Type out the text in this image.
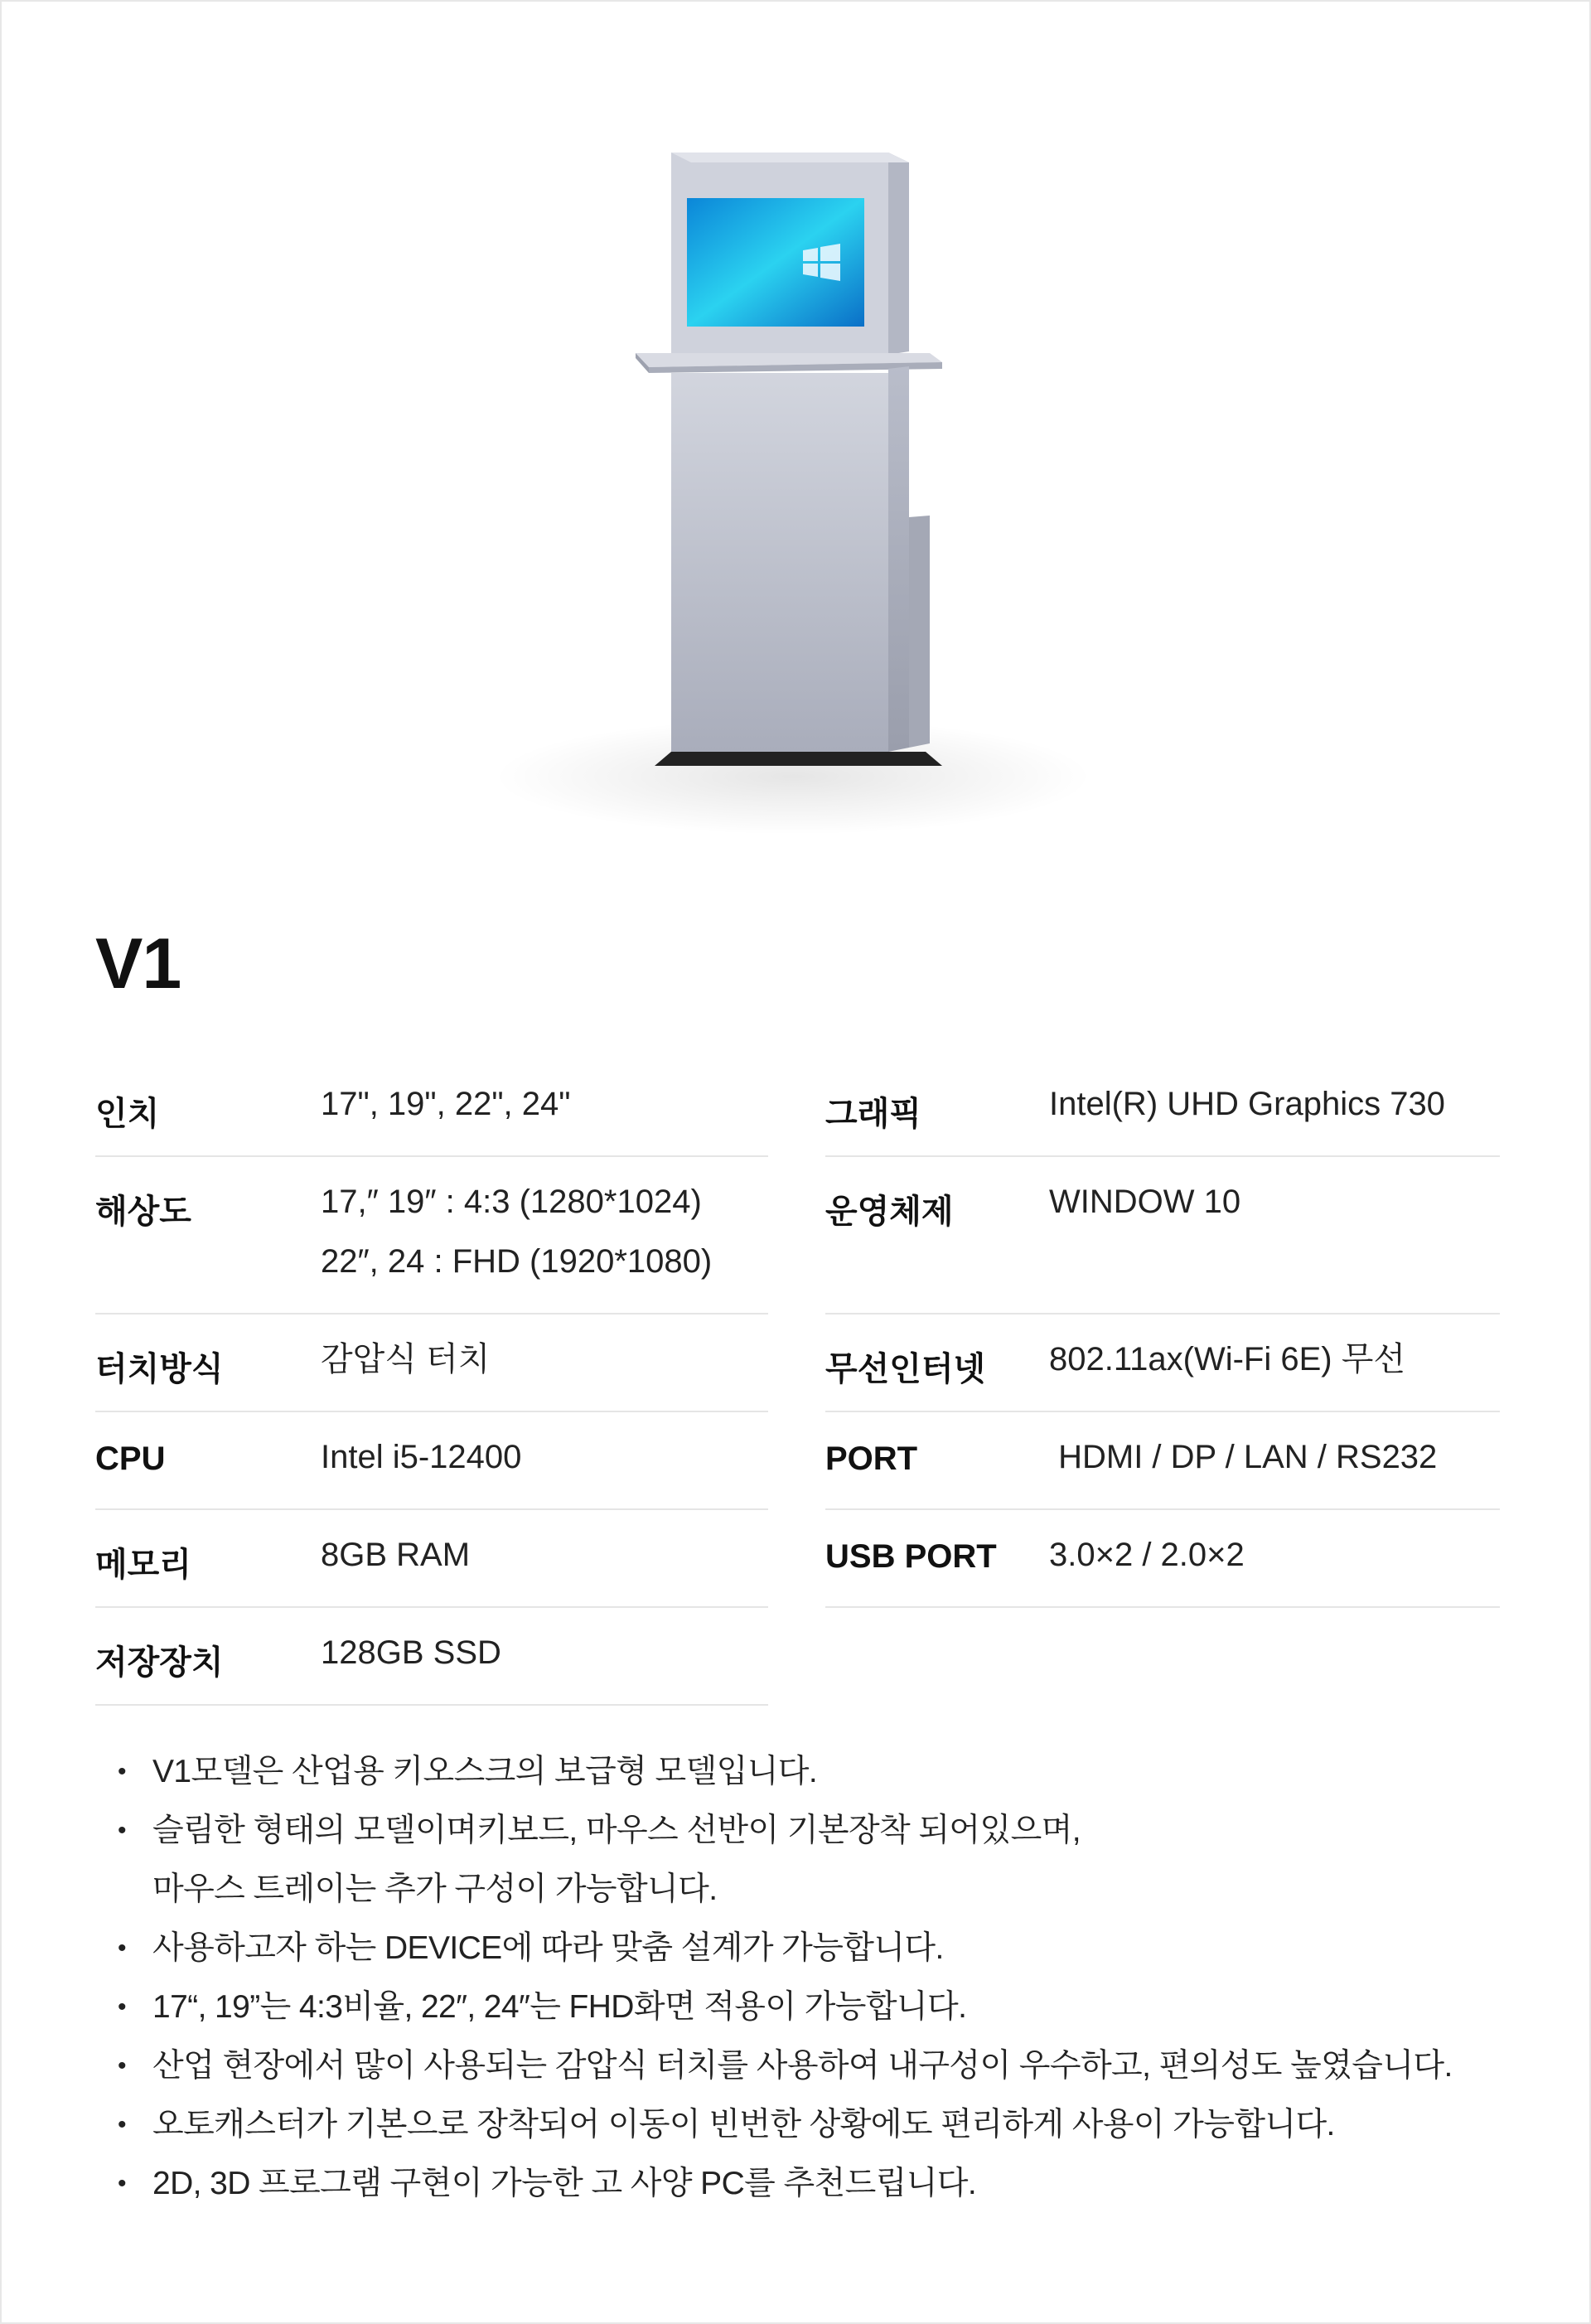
V1
인치	17", 19", 22", 24"
해상도	17,″ 19″ : 4:3 (1280*1024)
22″, 24 : FHD (1920*1080)
터치방식	감압식 터치
CPU	Intel i5-12400
메모리	8GB RAM
저장장치	128GB SSD
그래픽	Intel(R) UHD Graphics 730
운영체제	WINDOW 10
무선인터넷 802.11ax(Wi-Fi 6E) 무선
PORT	HDMI / DP / LAN / RS232
USB PORT 3.0×2 / 2.0×2
• V1모델은 산업용 키오스크의 보급형 모델입니다.
• 슬림한 형태의 모델이며키보드, 마우스 선반이 기본장착 되어있으며,
마우스 트레이는 추가 구성이 가능합니다.
• 사용하고자 하는 DEVICE에 따라 맞춤 설계가 가능합니다.
• 17“, 19”는 4:3비율, 22″, 24″는 FHD화면 적용이 가능합니다.
• 산업 현장에서 많이 사용되는 감압식 터치를 사용하여 내구성이 우수하고, 편의성도 높였습니다.
• 오토캐스터가 기본으로 장착되어 이동이 빈번한 상황에도 편리하게 사용이 가능합니다.
• 2D, 3D 프로그램 구현이 가능한 고 사양 PC를 추천드립니다.
